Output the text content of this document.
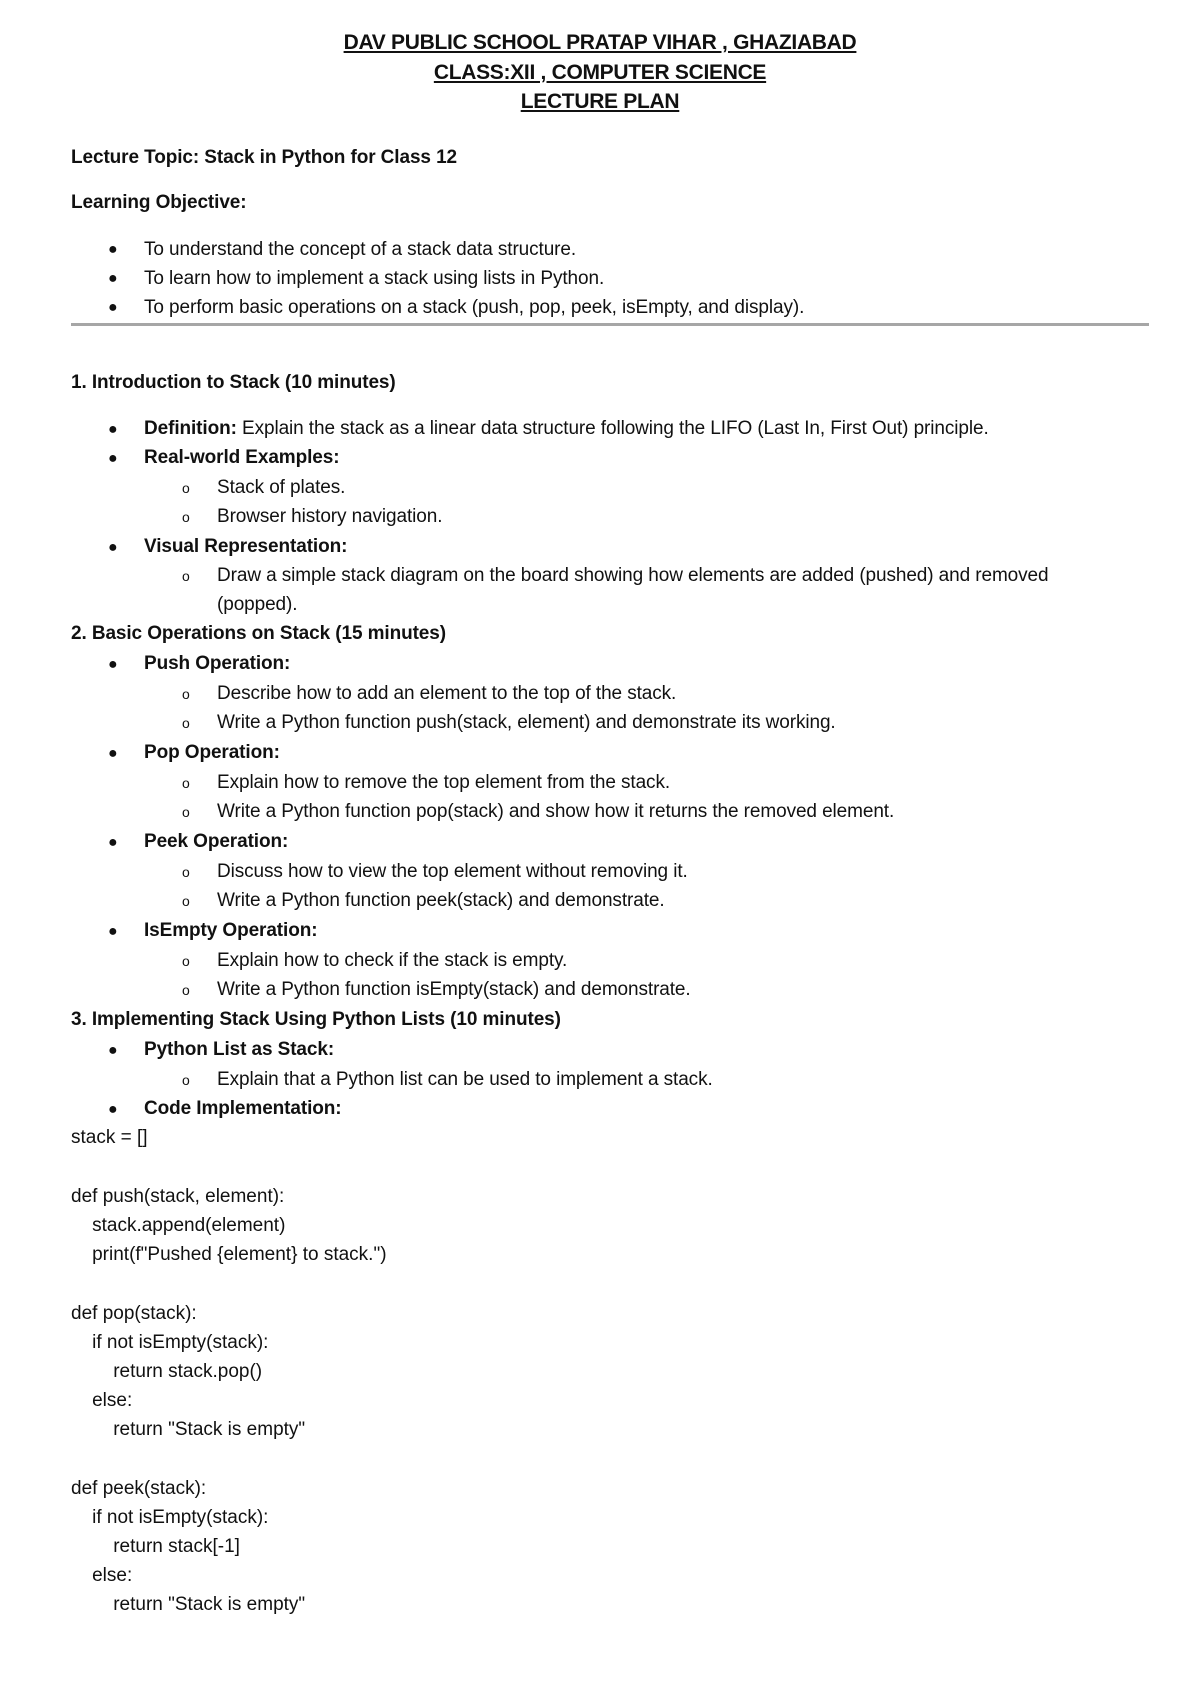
DAV PUBLIC SCHOOL PRATAP VIHAR , GHAZIABAD
CLASS:XII , COMPUTER SCIENCE
LECTURE PLAN
Lecture Topic: Stack in Python for Class 12
Learning Objective:
● To understand the concept of a stack data structure.
● To learn how to implement a stack using lists in Python.
● To perform basic operations on a stack (push, pop, peek, isEmpty, and display).
1. Introduction to Stack (10 minutes)
● Definition: Explain the stack as a linear data structure following the LIFO (Last In, First Out) principle.
● Real-world Examples:
o Stack of plates.
o Browser history navigation.
● Visual Representation:
o Draw a simple stack diagram on the board showing how elements are added (pushed) and removed
(popped).
2. Basic Operations on Stack (15 minutes)
● Push Operation:
o Describe how to add an element to the top of the stack.
o Write a Python function push(stack, element) and demonstrate its working.
● Pop Operation:
o Explain how to remove the top element from the stack.
o Write a Python function pop(stack) and show how it returns the removed element.
● Peek Operation:
o Discuss how to view the top element without removing it.
o Write a Python function peek(stack) and demonstrate.
● IsEmpty Operation:
o Explain how to check if the stack is empty.
o Write a Python function isEmpty(stack) and demonstrate.
3. Implementing Stack Using Python Lists (10 minutes)
● Python List as Stack:
o Explain that a Python list can be used to implement a stack.
● Code Implementation:
stack = []
def push(stack, element):
stack.append(element)
print(f"Pushed {element} to stack.")
def pop(stack):
if not isEmpty(stack):
return stack.pop()
else:
return "Stack is empty"
def peek(stack):
if not isEmpty(stack):
return stack[-1]
else:
return "Stack is empty"
